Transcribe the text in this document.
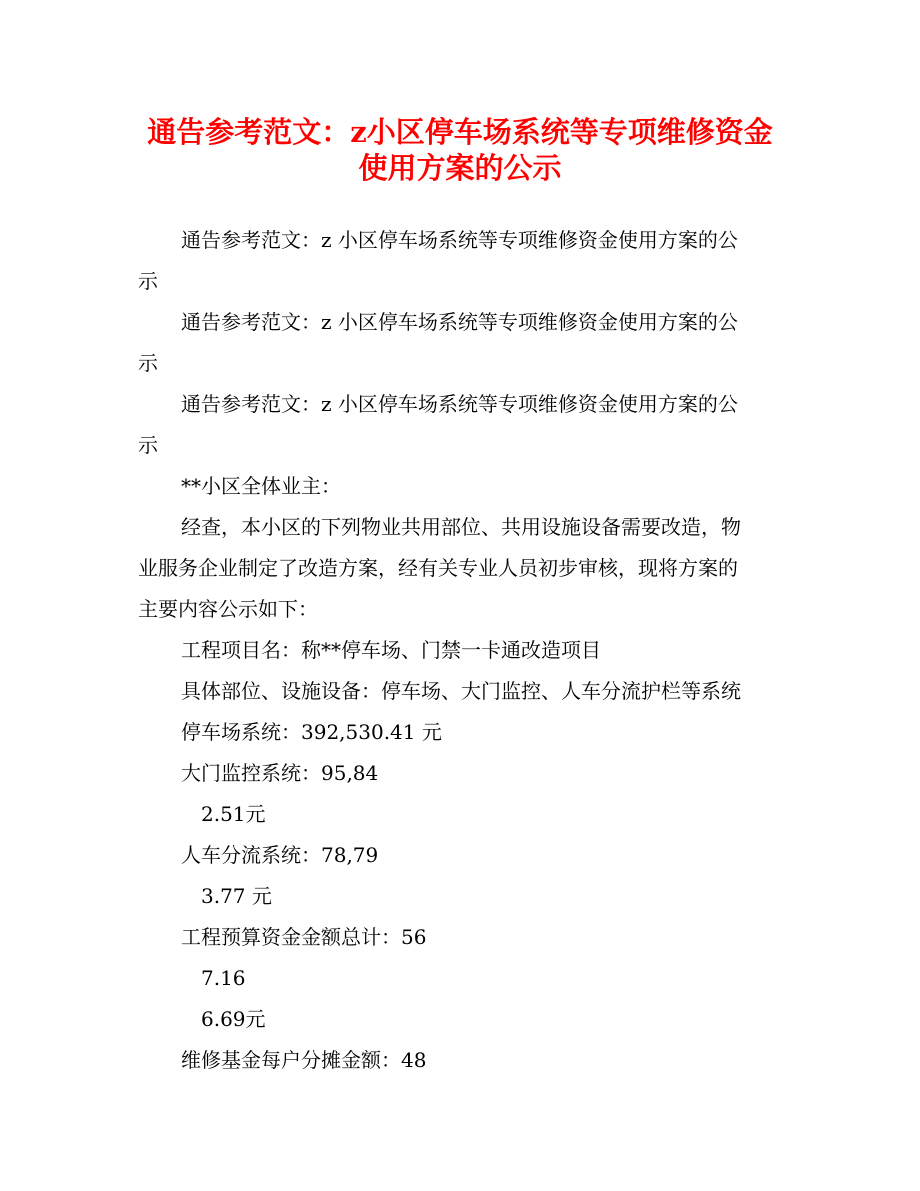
通告参考范文：z小区停车场系统等专项维修资金
使用方案的公示

通告参考范文：z 小区停车场系统等专项维修资金使用方案的公

示

通告参考范文：z 小区停车场系统等专项维修资金使用方案的公

示

通告参考范文：z 小区停车场系统等专项维修资金使用方案的公

示

**小区全体业主：

经查，本小区的下列物业共用部位、共用设施设备需要改造，物

业服务企业制定了改造方案，经有关专业人员初步审核，现将方案的

主要内容公示如下：

工程项目名：称**停车场、门禁一卡通改造项目

具体部位、设施设备：停车场、大门监控、人车分流护栏等系统

停车场系统：392,530.41 元

大门监控系统：95,84

2.51元

人车分流系统：78,79

3.77 元

工程预算资金金额总计：56

7.16

6.69元

维修基金每户分摊金额：48
